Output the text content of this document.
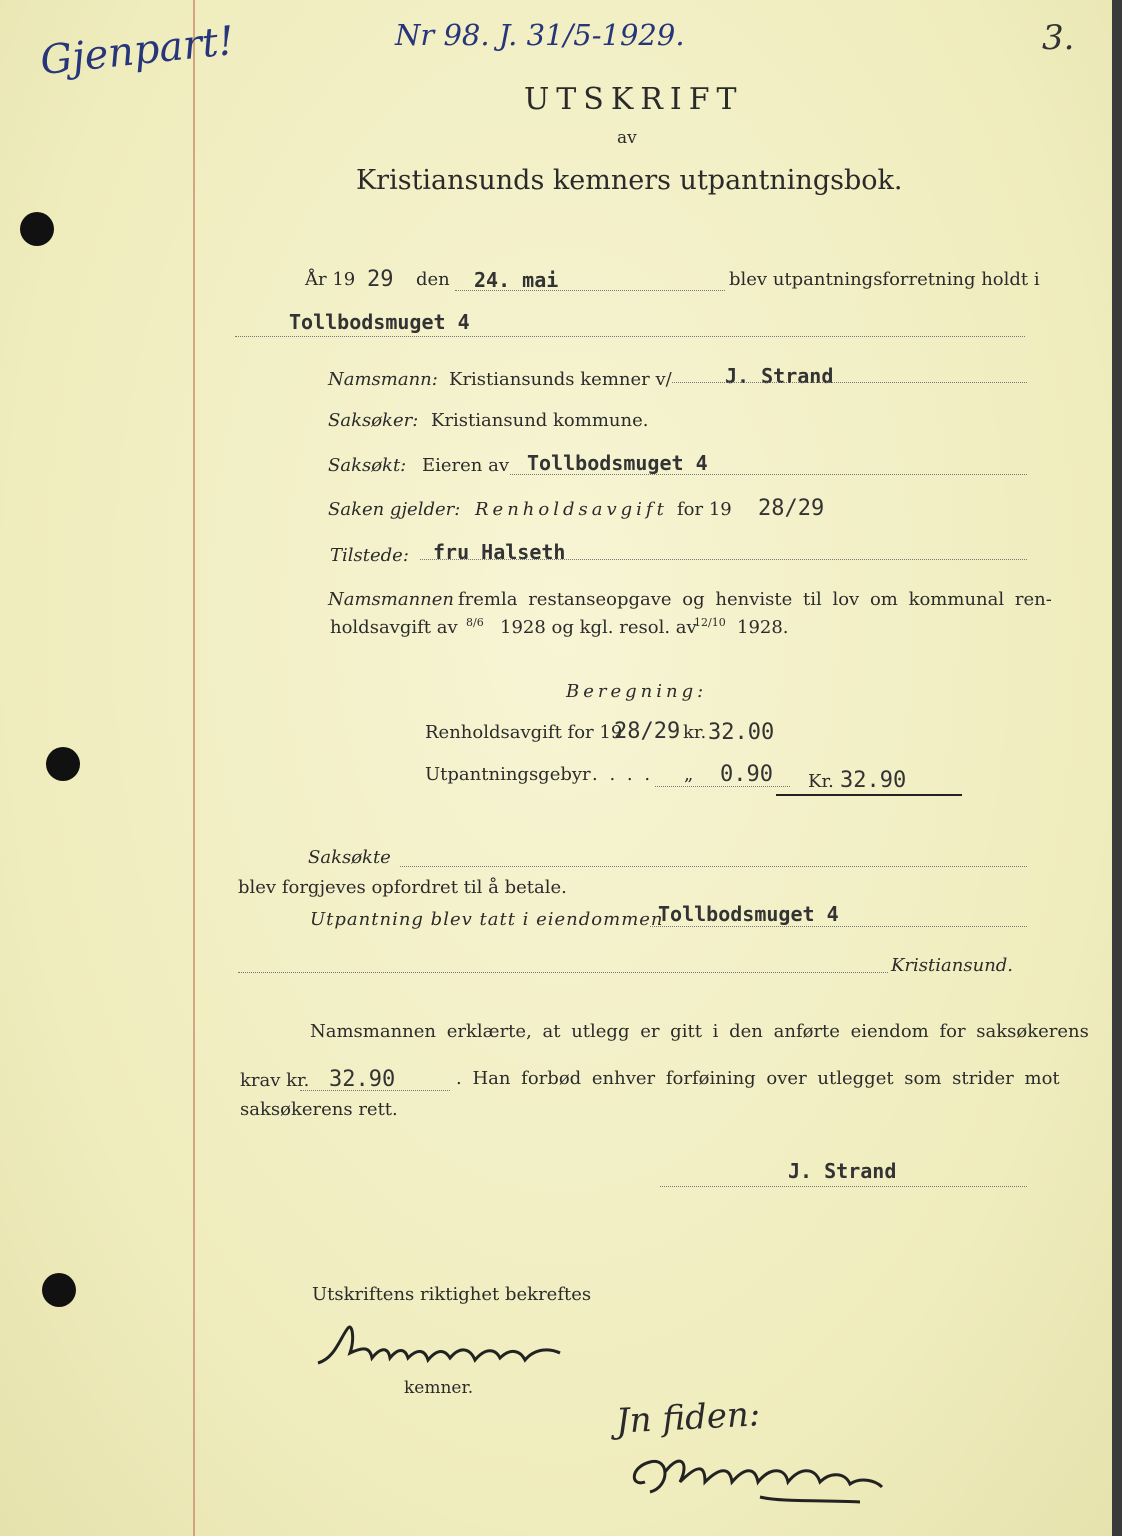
Gjenpart!	Nr 98. J. 31/5-1929.	3.
UTSKRIFT
av
Kristiansunds kemners utpantningsbok.
År 19 29 den 24. mai	blev utpantningsforretning holdt i
Tollbodsmuget 4
Namsmann: Kristiansunds kemner v/	J. Strand
Saksøker: Kristiansund kommune.
Saksøkt: Eieren av Tollbodsmuget 4
Saken gjelder: Renholdsavgift for 19 28/29
Tilstede: fru Halseth
Namsmannen fremla restanseopgave og henviste til lov om kommunal ren-
holdsavgift av 8/6 1928 og kgl. resol. av
12/10 1928.
Beregning:
Renholdsavgift for 19
28/29 kr. 32.00
Utpantningsgebyr . . . . „ 0.90 Kr. 32.90
Saksøkte
blev forgjeves opfordret til å betale.
Utpantning blev tatt i eiendommen
Tollbodsmuget 4
Kristiansund.
Namsmannen erklærte, at utlegg er gitt i den anførte eiendom for saksøkerens
krav kr. 32.90	. Han forbød enhver forføining over utlegget som strider mot
saksøkerens rett.
J. Strand
Utskriftens riktighet bekreftes
kemner.
Jn fiden:
